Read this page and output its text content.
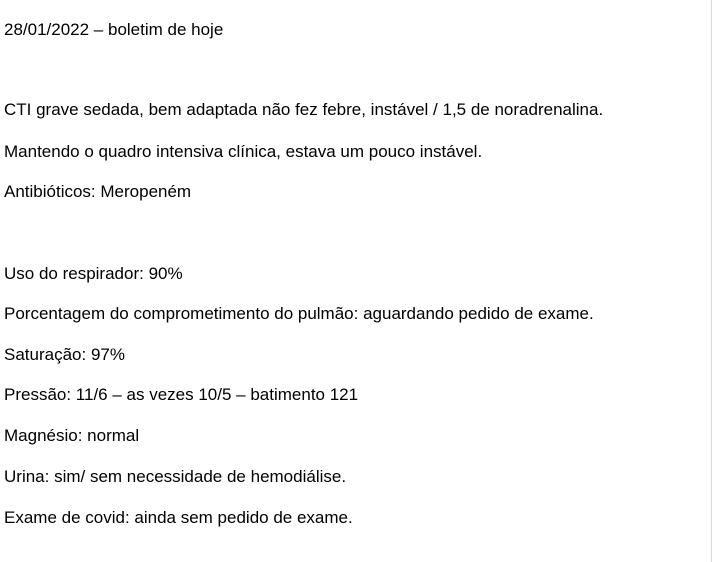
28/01/2022 – boletim de hoje
CTI grave sedada, bem adaptada não fez febre, instável / 1,5 de noradrenalina.
Mantendo o quadro intensiva clínica, estava um pouco instável.
Antibióticos: Meropeném
Uso do respirador: 90%
Porcentagem do comprometimento do pulmão: aguardando pedido de exame.
Saturação: 97%
Pressão: 11/6 – as vezes 10/5 – batimento 121
Magnésio: normal
Urina: sim/ sem necessidade de hemodiálise.
Exame de covid: ainda sem pedido de exame.
